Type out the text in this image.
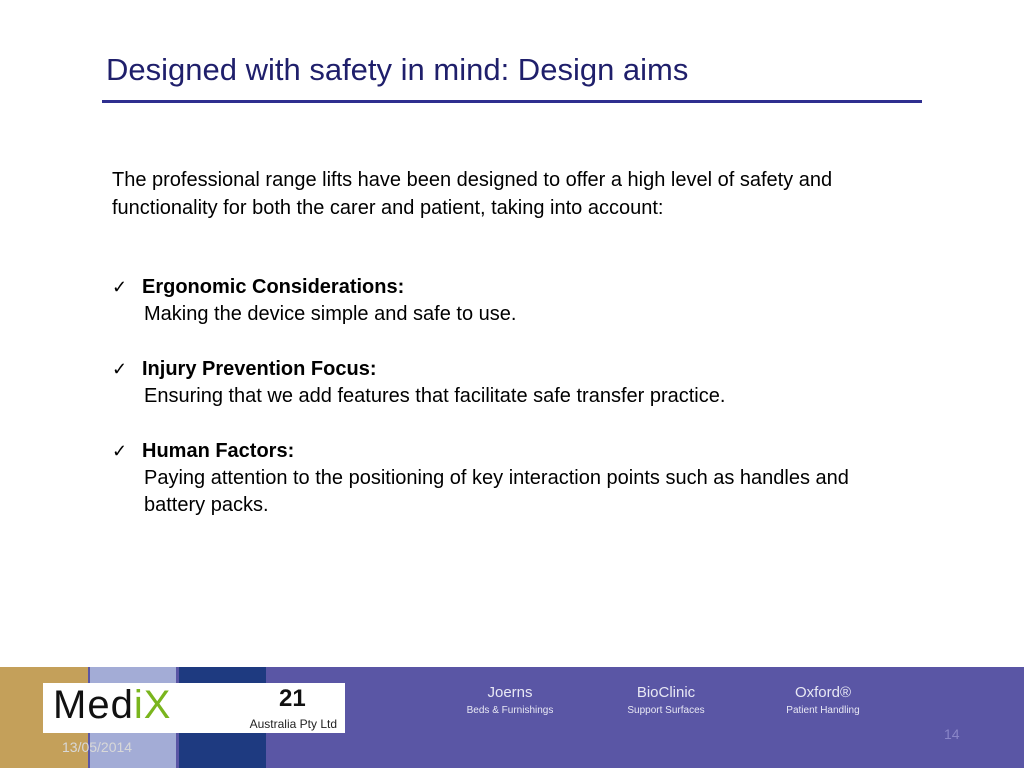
Designed with safety in mind: Design aims
The professional range lifts have been designed to offer a high level of safety and functionality for both the carer and patient, taking into account:
✓ Ergonomic Considerations:
Making the device simple and safe to use.
✓ Injury Prevention Focus:
Ensuring that we add features that facilitate safe transfer practice.
✓ Human Factors:
Paying attention to the positioning of key interaction points such as handles and battery packs.
MediX	21
Australia Pty Ltd
13/05/2014
Joerns
Beds & Furnishings
BioClinic
Support Surfaces
Oxford®
Patient Handling
14
